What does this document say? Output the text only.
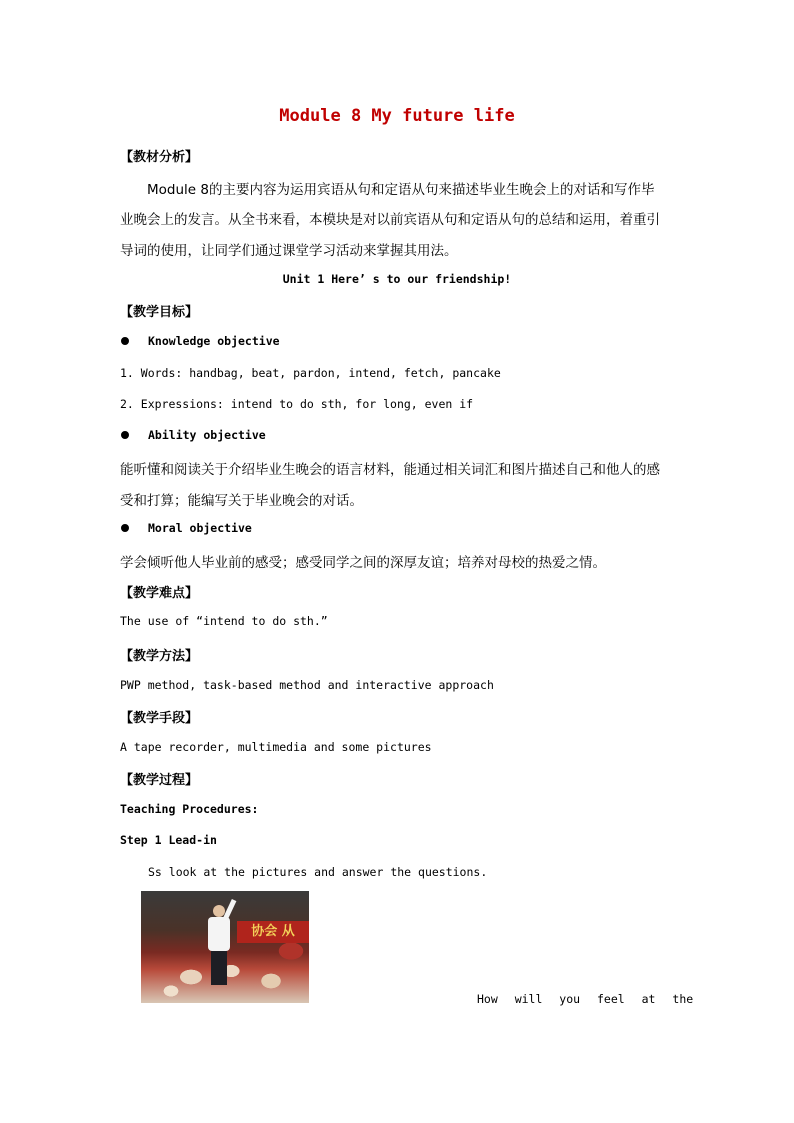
Module 8 My future life
【教材分析】
Module 8的主要内容为运用宾语从句和定语从句来描述毕业生晚会上的对话和写作毕
业晚会上的发言。从全书来看，本模块是对以前宾语从句和定语从句的总结和运用，着重引
导词的使用，让同学们通过课堂学习活动来掌握其用法。
Unit 1 Here’ s to our friendship!
【教学目标】
Knowledge objective
1. Words: handbag, beat, pardon, intend, fetch, pancake
2. Expressions: intend to do sth, for long, even if
Ability objective
能听懂和阅读关于介绍毕业生晚会的语言材料，能通过相关词汇和图片描述自己和他人的感
受和打算；能编写关于毕业晚会的对话。
Moral objective
学会倾听他人毕业前的感受；感受同学之间的深厚友谊；培养对母校的热爱之情。
【教学难点】
The use of “intend to do sth.”
【教学方法】
PWP method, task-based method and interactive approach
【教学手段】
A tape recorder, multimedia and some pictures
【教学过程】
Teaching Procedures:
Step 1 Lead-in
Ss look at the pictures and answer the questions.
协会 从
How will you feel at the
